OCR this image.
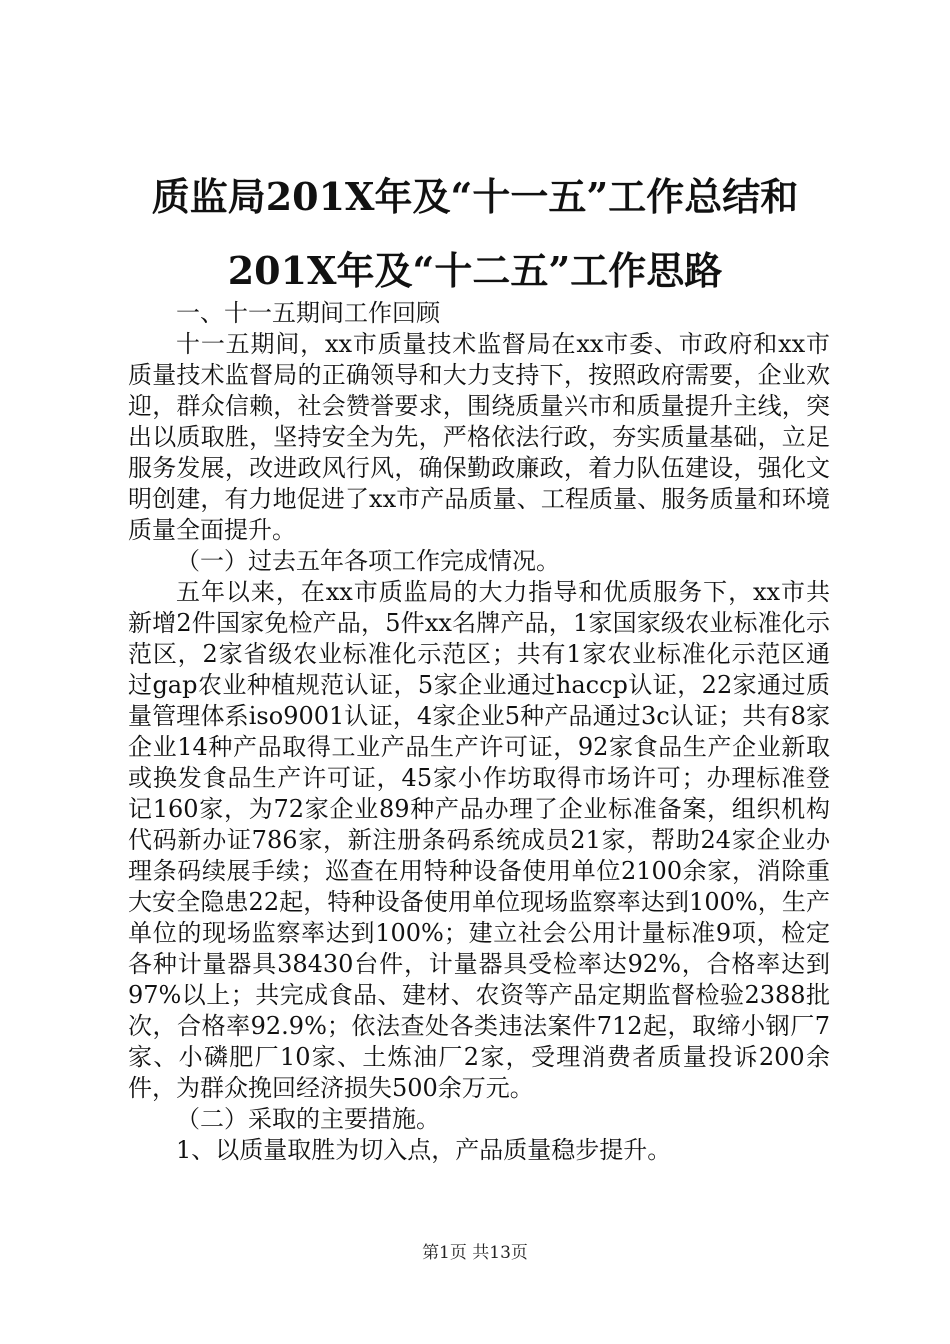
质监局201X年及“十一五”工作总结和201X年及“十二五”工作思路

一、十一五期间工作回顾

十一五期间，xx市质量技术监督局在xx市委、市政府和xx市质量技术监督局的正确领导和大力支持下，按照政府需要，企业欢迎，群众信赖，社会赞誉要求，围绕质量兴市和质量提升主线，突出以质取胜，坚持安全为先，严格依法行政，夯实质量基础，立足服务发展，改进政风行风，确保勤政廉政，着力队伍建设，强化文明创建，有力地促进了xx市产品质量、工程质量、服务质量和环境质量全面提升。

（一）过去五年各项工作完成情况。

五年以来，在xx市质监局的大力指导和优质服务下，xx市共新增2件国家免检产品，5件xx名牌产品，1家国家级农业标准化示范区，2家省级农业标准化示范区；共有1家农业标准化示范区通过gap农业种植规范认证，5家企业通过haccp认证，22家通过质量管理体系iso9001认证，4家企业5种产品通过3c认证；共有8家企业14种产品取得工业产品生产许可证，92家食品生产企业新取或换发食品生产许可证，45家小作坊取得市场许可；办理标准登记160家，为72家企业89种产品办理了企业标准备案，组织机构代码新办证786家，新注册条码系统成员21家，帮助24家企业办理条码续展手续；巡查在用特种设备使用单位2100余家，消除重大安全隐患22起，特种设备使用单位现场监察率达到100%，生产单位的现场监察率达到100%；建立社会公用计量标准9项，检定各种计量器具38430台件，计量器具受检率达92%，合格率达到97%以上；共完成食品、建材、农资等产品定期监督检验2388批次，合格率92.9%；依法查处各类违法案件712起，取缔小钢厂7家、小磷肥厂10家、土炼油厂2家，受理消费者质量投诉200余件，为群众挽回经济损失500余万元。

（二）采取的主要措施。

1、以质量取胜为切入点，产品质量稳步提升。

第1页 共13页
